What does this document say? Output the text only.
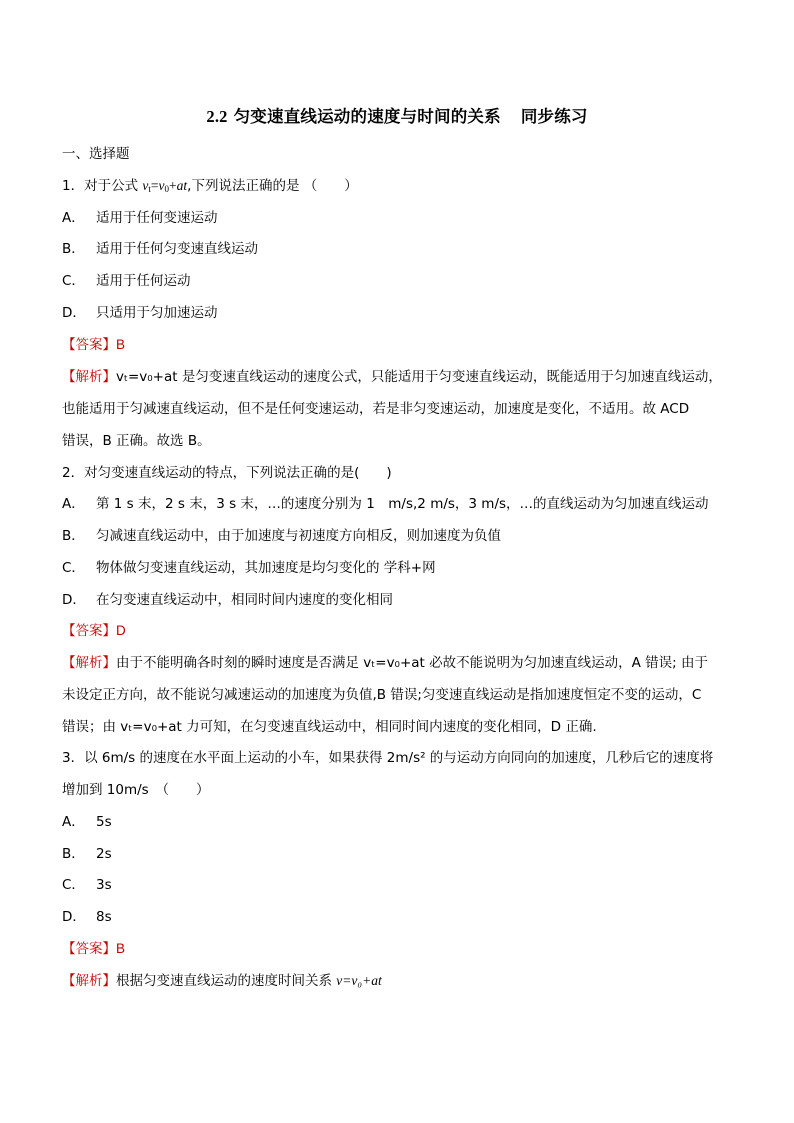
2.2 匀变速直线运动的速度与时间的关系 同步练习
一、选择题
1．对于公式 $v_t=v_0+at$,下列说法正确的是 （　　）
A． 适用于任何变速运动
B． 适用于任何匀变速直线运动
C． 适用于任何运动
D． 只适用于匀加速运动
【答案】B
【解析】vₜ=v₀+at 是匀变速直线运动的速度公式，只能适用于匀变速直线运动，既能适用于匀加速直线运动，
也能适用于匀减速直线运动，但不是任何变速运动，若是非匀变速运动，加速度是变化，不适用。故 ACD
错误，B 正确。故选 B。
2．对匀变速直线运动的特点，下列说法正确的是(　　)
A． 第 1 s 末，2 s 末，3 s 末，…的速度分别为 1　m/s,2 m/s，3 m/s，…的直线运动为匀加速直线运动
B． 匀减速直线运动中，由于加速度与初速度方向相反，则加速度为负值
C． 物体做匀变速直线运动，其加速度是均匀变化的 学科+网
D． 在匀变速直线运动中，相同时间内速度的变化相同
【答案】D
【解析】由于不能明确各时刻的瞬时速度是否满足 vₜ=v₀+at 必故不能说明为匀加速直线运动，A 错误; 由于
未设定正方向，故不能说匀减速运动的加速度为负值,B 错误;匀变速直线运动是指加速度恒定不变的运动，C
错误；由 vₜ=v₀+at 力可知，在匀变速直线运动中，相同时间内速度的变化相同，D 正确.
3．以 6m/s 的速度在水平面上运动的小车，如果获得 2m/s² 的与运动方向同向的加速度，几秒后它的速度将
增加到 10m/s　（　　）
A． 5s
B． 2s
C． 3s
D． 8s
【答案】B
【解析】根据匀变速直线运动的速度时间关系 v=v₀+at
